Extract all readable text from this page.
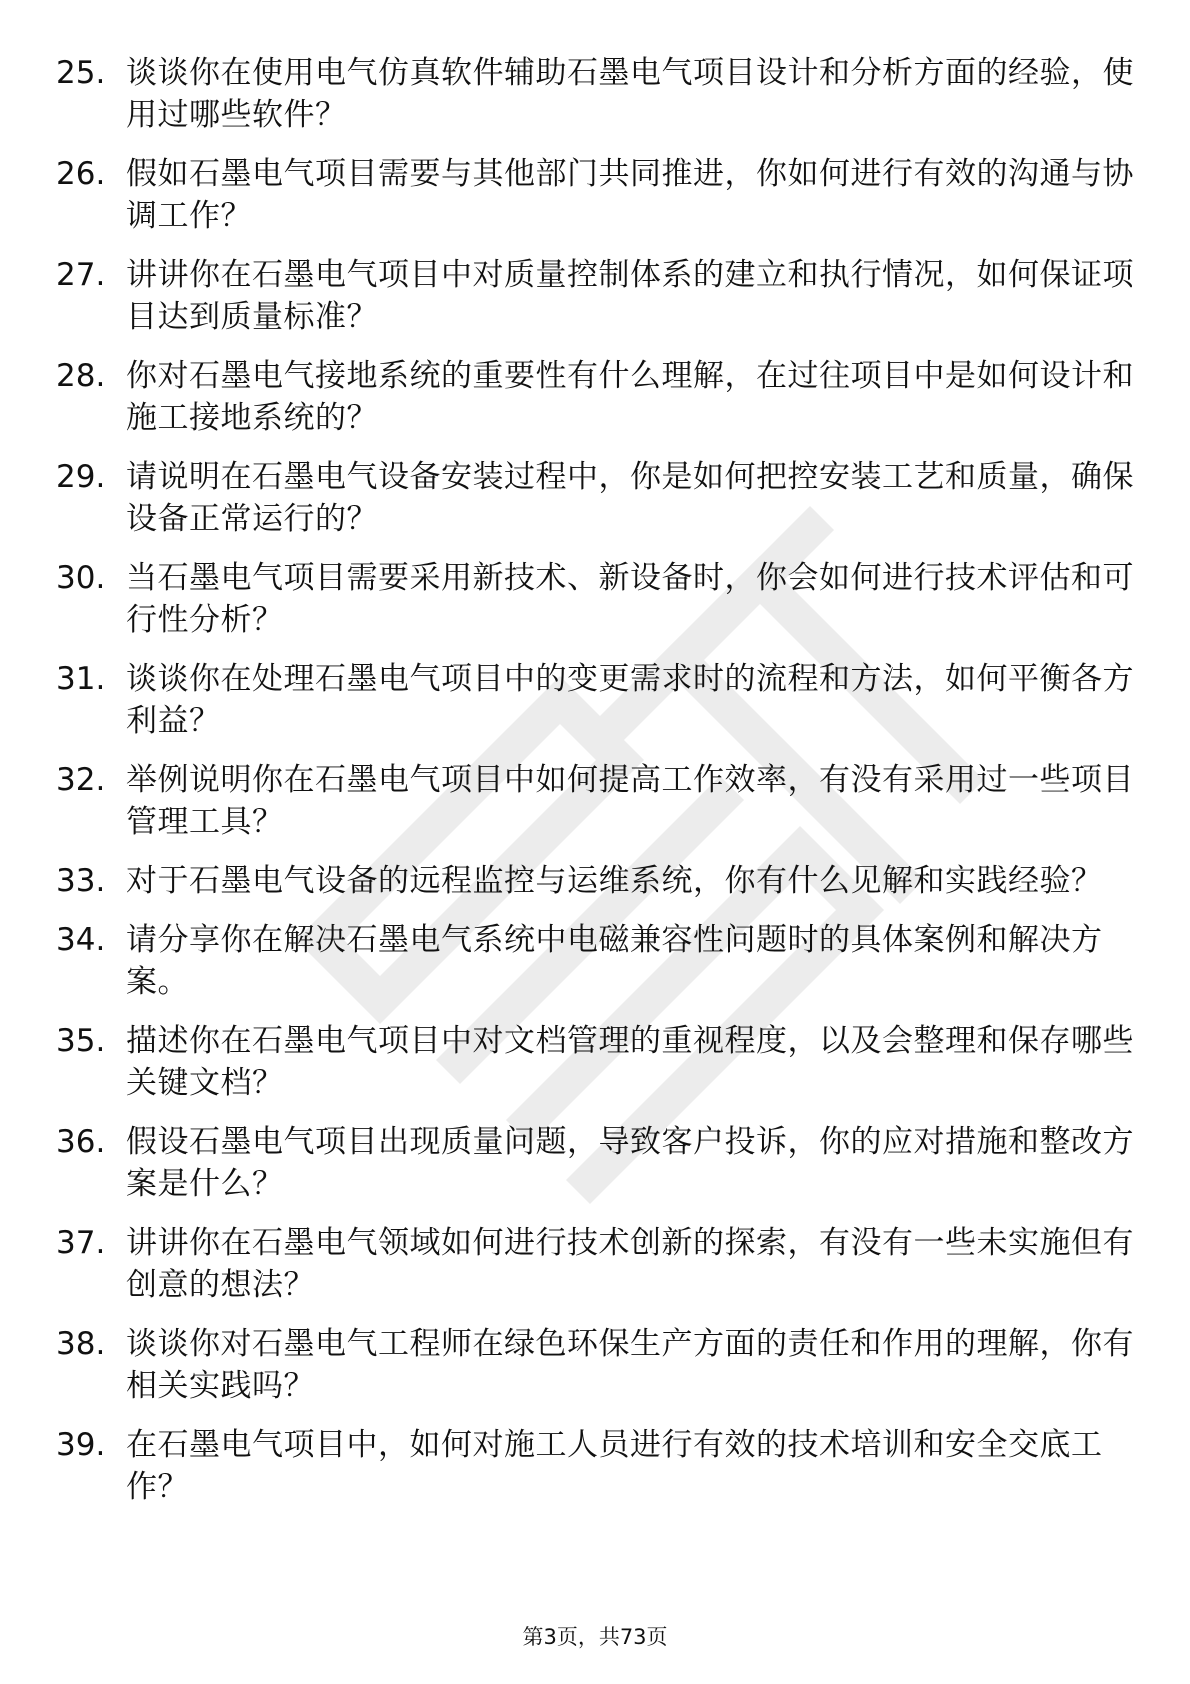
25. 谈谈你在使用电气仿真软件辅助石墨电气项目设计和分析方面的经验，使用过哪些软件？
26. 假如石墨电气项目需要与其他部门共同推进，你如何进行有效的沟通与协调工作？
27. 讲讲你在石墨电气项目中对质量控制体系的建立和执行情况，如何保证项目达到质量标准？
28. 你对石墨电气接地系统的重要性有什么理解，在过往项目中是如何设计和施工接地系统的？
29. 请说明在石墨电气设备安装过程中，你是如何把控安装工艺和质量，确保设备正常运行的？
30. 当石墨电气项目需要采用新技术、新设备时，你会如何进行技术评估和可行性分析？
31. 谈谈你在处理石墨电气项目中的变更需求时的流程和方法，如何平衡各方利益？
32. 举例说明你在石墨电气项目中如何提高工作效率，有没有采用过一些项目管理工具？
33. 对于石墨电气设备的远程监控与运维系统，你有什么见解和实践经验？
34. 请分享你在解决石墨电气系统中电磁兼容性问题时的具体案例和解决方案。
35. 描述你在石墨电气项目中对文档管理的重视程度，以及会整理和保存哪些关键文档？
36. 假设石墨电气项目出现质量问题，导致客户投诉，你的应对措施和整改方案是什么？
37. 讲讲你在石墨电气领域如何进行技术创新的探索，有没有一些未实施但有创意的想法？
38. 谈谈你对石墨电气工程师在绿色环保生产方面的责任和作用的理解，你有相关实践吗？
39. 在石墨电气项目中，如何对施工人员进行有效的技术培训和安全交底工作？
第3页，共73页
